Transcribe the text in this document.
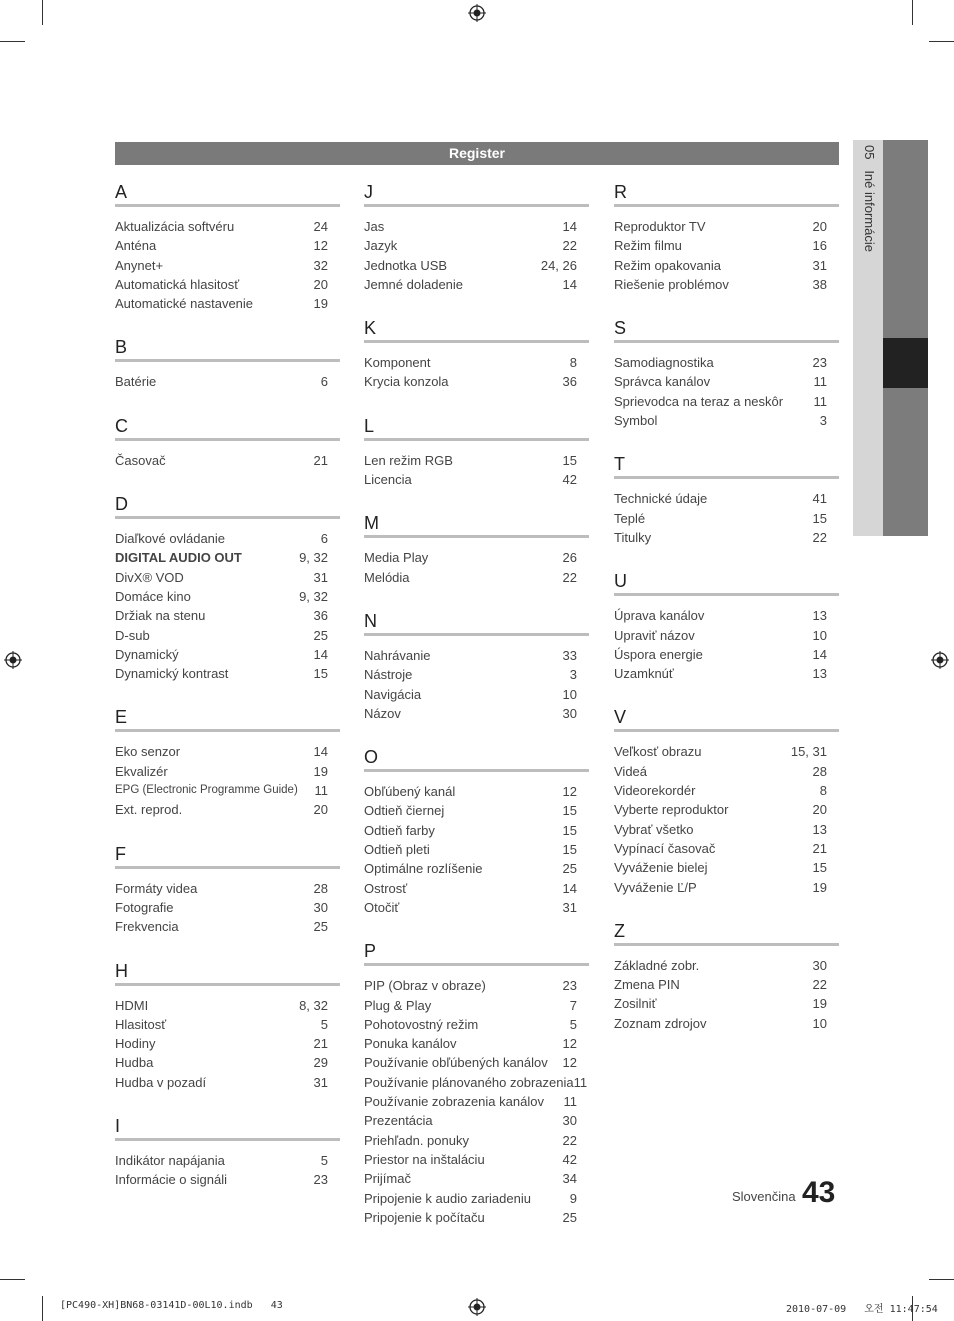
Register
A
Aktualizácia softvéru	24
Anténa	12
Anynet+	32
Automatická hlasitosť	20
Automatické nastavenie	19
B
Batérie	6
C
Časovač	21
D
Diaľkové ovládanie	6
DIGITAL AUDIO OUT	9, 32
DivX® VOD	31
Domáce kino	9, 32
Držiak na stenu	36
D-sub	25
Dynamický	14
Dynamický kontrast	15
E
Eko senzor	14
Ekvalizér	19
EPG (Electronic Programme Guide) 11
Ext. reprod.	20
F
Formáty videa	28
Fotografie	30
Frekvencia	25
H
HDMI	8, 32
Hlasitosť	5
Hodiny	21
Hudba	29
Hudba v pozadí	31
I
Indikátor napájania	5
Informácie o signáli	23
J
Jas	14
Jazyk	22
Jednotka USB	24, 26
Jemné doladenie	14
K
Komponent	8
Krycia konzola	36
L
Len režim RGB	15
Licencia	42
M
Media Play	26
Melódia	22
N
Nahrávanie	33
Nástroje	3
Navigácia	10
Názov	30
O
Obľúbený kanál	12
Odtieň čiernej	15
Odtieň farby	15
Odtieň pleti	15
Optimálne rozlíšenie	25
Ostrosť	14
Otočiť	31
P
PIP (Obraz v obraze)	23
Plug & Play	7
Pohotovostný režim	5
Ponuka kanálov	12
Používanie obľúbených kanálov 12
Používanie plánovaného zobrazenia 11
Používanie zobrazenia kanálov 11
Prezentácia	30
Priehľadn. ponuky	22
Priestor na inštaláciu	42
Prijímač	34
Pripojenie k audio zariadeniu	9
Pripojenie k počítaču	25
R
Reproduktor TV	20
Režim filmu	16
Režim opakovania	31
Riešenie problémov	38
S
Samodiagnostika	23
Správca kanálov	11
Sprievodca na teraz a neskôr 11
Symbol	3
T
Technické údaje	41
Teplé	15
Titulky	22
U
Úprava kanálov	13
Upraviť názov	10
Úspora energie	14
Uzamknúť	13
V
Veľkosť obrazu	15, 31
Videá	28
Videorekordér	8
Vyberte reproduktor	20
Vybrať všetko	13
Vypínací časovač	21
Vyváženie bielej	15
Vyváženie Ľ/P	19
Z
Základné zobr.	30
Zmena PIN	22
Zosilniť	19
Zoznam zdrojov	10
05   Iné informácie
Slovenčina 43
[PC490-XH]BN68-03141D-00L10.indb   43	2010-07-09   오전 11:47:54
